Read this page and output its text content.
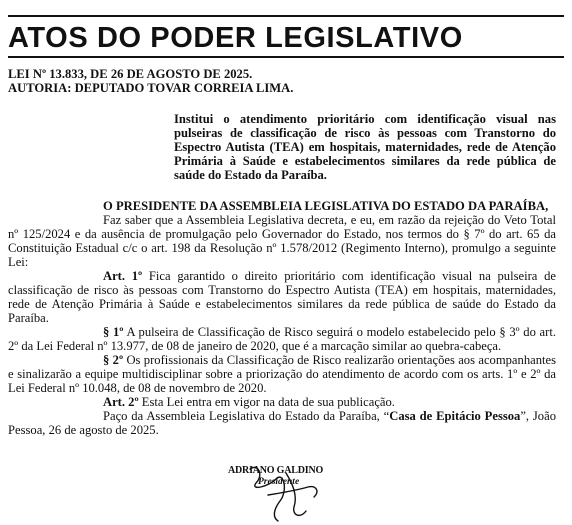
ATOS DO PODER LEGISLATIVO
LEI Nº 13.833, DE 26 DE AGOSTO DE 2025.
AUTORIA: DEPUTADO TOVAR CORREIA LIMA.
Institui o atendimento prioritário com identificação visual nas pulseiras de classificação de risco às pessoas com Transtorno do Espectro Autista (TEA) em hospitais, maternidades, rede de Atenção Primária à Saúde e estabelecimentos similares da rede pública de saúde do Estado da Paraíba.

O PRESIDENTE DA ASSEMBLEIA LEGISLATIVA DO ESTADO DA PARAÍBA,

Faz saber que a Assembleia Legislativa decreta, e eu, em razão da rejeição do Veto Total nº 125/2024 e da ausência de promulgação pelo Governador do Estado, nos termos do § 7º do art. 65 da Constituição Estadual c/c o art. 198 da Resolução nº 1.578/2012 (Regimento Interno), promulgo a seguinte Lei:

Art. 1º Fica garantido o direito prioritário com identificação visual na pulseira de classificação de risco às pessoas com Transtorno do Espectro Autista (TEA) em hospitais, maternidades, rede de Atenção Primária à Saúde e estabelecimentos similares da rede pública de saúde do Estado da Paraíba.

§ 1º A pulseira de Classificação de Risco seguirá o modelo estabelecido pelo § 3º do art. 2º da Lei Federal nº 13.977, de 08 de janeiro de 2020, que é a marcação similar ao quebra-cabeça.

§ 2º Os profissionais da Classificação de Risco realizarão orientações aos acompanhantes e sinalizarão a equipe multidisciplinar sobre a priorização do atendimento de acordo com os arts. 1º e 2º da Lei Federal nº 10.048, de 08 de novembro de 2020.

Art. 2º Esta Lei entra em vigor na data de sua publicação.

Paço da Assembleia Legislativa do Estado da Paraíba, “Casa de Epitácio Pessoa”, João Pessoa, 26 de agosto de 2025.

ADRIANO GALDINO
Presidente
